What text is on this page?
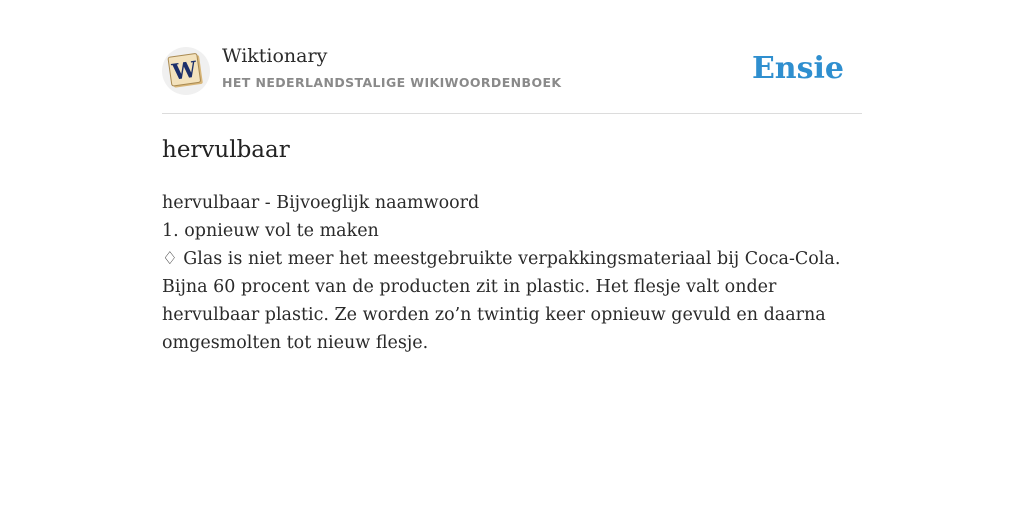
W
Wiktionary
HET NEDERLANDSTALIGE WIKIWOORDENBOEK	Ensie
hervulbaar
hervulbaar - Bijvoeglijk naamwoord
1. opnieuw vol te maken
♢ Glas is niet meer het meestgebruikte verpakkingsmateriaal bij Coca-Cola. Bijna 60 procent van de producten zit in plastic. Het flesje valt onder hervulbaar plastic. Ze worden zo’n twintig keer opnieuw gevuld en daarna omgesmolten tot nieuw flesje.
